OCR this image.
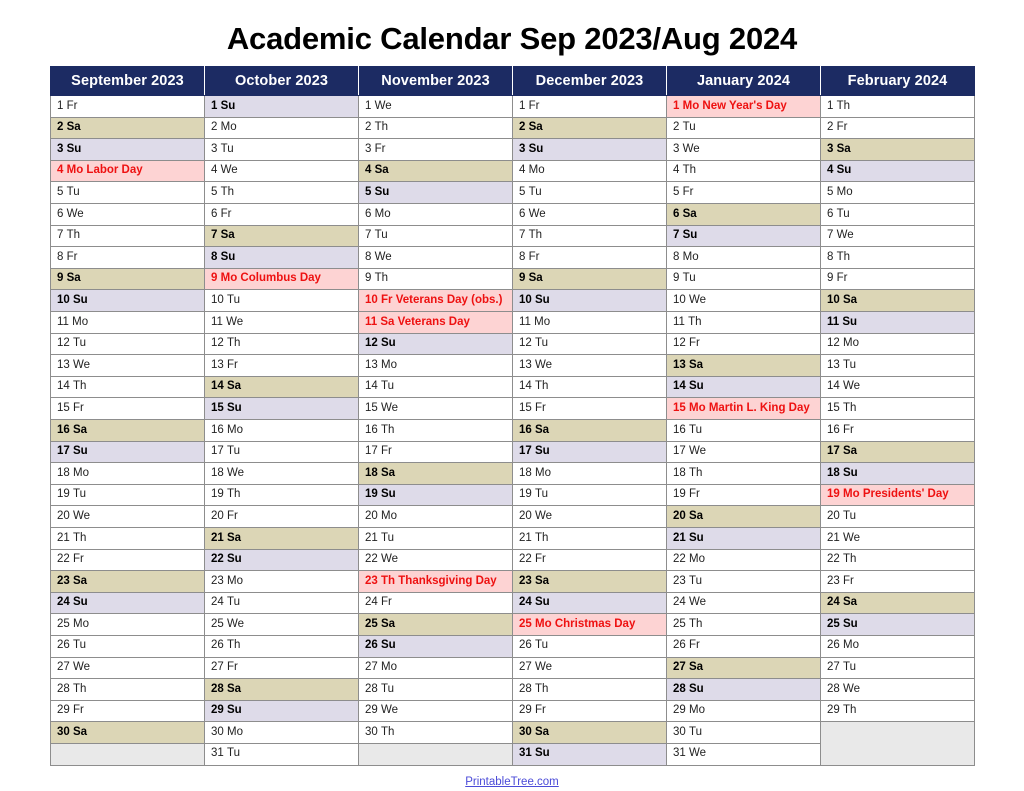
Academic Calendar Sep 2023/Aug 2024
September 2023	October 2023	November 2023	December 2023	January 2024	February 2024
1 Fr	1 Su	1 We	1 Fr	1 Mo New Year's Day	1 Th
2 Sa	2 Mo	2 Th	2 Sa	2 Tu	2 Fr
3 Su	3 Tu	3 Fr	3 Su	3 We	3 Sa
4 Mo Labor Day	4 We	4 Sa	4 Mo	4 Th	4 Su
5 Tu	5 Th	5 Su	5 Tu	5 Fr	5 Mo
6 We	6 Fr	6 Mo	6 We	6 Sa	6 Tu
7 Th	7 Sa	7 Tu	7 Th	7 Su	7 We
8 Fr	8 Su	8 We	8 Fr	8 Mo	8 Th
9 Sa	9 Mo Columbus Day	9 Th	9 Sa	9 Tu	9 Fr
10 Su	10 Tu	10 Fr Veterans Day (obs.)	10 Su	10 We	10 Sa
11 Mo	11 We	11 Sa Veterans Day	11 Mo	11 Th	11 Su
12 Tu	12 Th	12 Su	12 Tu	12 Fr	12 Mo
13 We	13 Fr	13 Mo	13 We	13 Sa	13 Tu
14 Th	14 Sa	14 Tu	14 Th	14 Su	14 We
15 Fr	15 Su	15 We	15 Fr	15 Mo Martin L. King Day	15 Th
16 Sa	16 Mo	16 Th	16 Sa	16 Tu	16 Fr
17 Su	17 Tu	17 Fr	17 Su	17 We	17 Sa
18 Mo	18 We	18 Sa	18 Mo	18 Th	18 Su
19 Tu	19 Th	19 Su	19 Tu	19 Fr	19 Mo Presidents' Day
20 We	20 Fr	20 Mo	20 We	20 Sa	20 Tu
21 Th	21 Sa	21 Tu	21 Th	21 Su	21 We
22 Fr	22 Su	22 We	22 Fr	22 Mo	22 Th
23 Sa	23 Mo	23 Th Thanksgiving Day	23 Sa	23 Tu	23 Fr
24 Su	24 Tu	24 Fr	24 Su	24 We	24 Sa
25 Mo	25 We	25 Sa	25 Mo Christmas Day	25 Th	25 Su
26 Tu	26 Th	26 Su	26 Tu	26 Fr	26 Mo
27 We	27 Fr	27 Mo	27 We	27 Sa	27 Tu
28 Th	28 Sa	28 Tu	28 Th	28 Su	28 We
29 Fr	29 Su	29 We	29 Fr	29 Mo	29 Th
30 Sa	30 Mo	30 Th	30 Sa	30 Tu	
	31 Tu		31 Su	31 We	
PrintableTree.com
